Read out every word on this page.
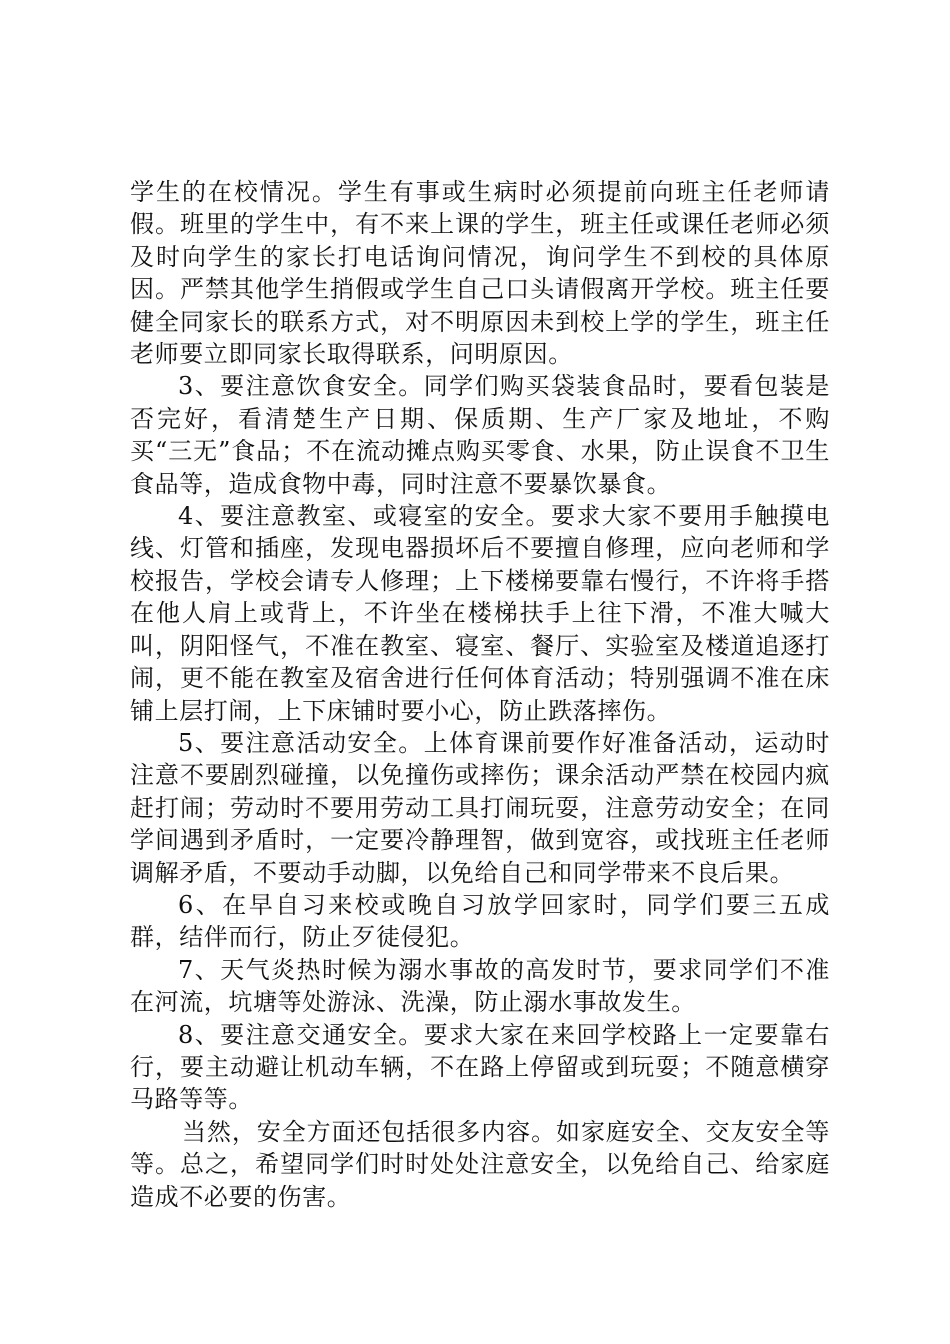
学生的在校情况。学生有事或生病时必须提前向班主任老师请假。班里的学生中，有不来上课的学生，班主任或课任老师必须及时向学生的家长打电话询问情况，询问学生不到校的具体原因。严禁其他学生捎假或学生自己口头请假离开学校。班主任要健全同家长的联系方式，对不明原因未到校上学的学生，班主任老师要立即同家长取得联系，问明原因。

3、要注意饮食安全。同学们购买袋装食品时，要看包装是否完好，看清楚生产日期、保质期、生产厂家及地址，不购买“三无”食品；不在流动摊点购买零食、水果，防止误食不卫生食品等，造成食物中毒，同时注意不要暴饮暴食。

4、要注意教室、或寝室的安全。要求大家不要用手触摸电线、灯管和插座，发现电器损坏后不要擅自修理，应向老师和学校报告，学校会请专人修理；上下楼梯要靠右慢行，不许将手搭在他人肩上或背上，不许坐在楼梯扶手上往下滑，不准大喊大叫，阴阳怪气，不准在教室、寝室、餐厅、实验室及楼道追逐打闹，更不能在教室及宿舍进行任何体育活动；特别强调不准在床铺上层打闹，上下床铺时要小心，防止跌落摔伤。

5、要注意活动安全。上体育课前要作好准备活动，运动时注意不要剧烈碰撞，以免撞伤或摔伤；课余活动严禁在校园内疯赶打闹；劳动时不要用劳动工具打闹玩耍，注意劳动安全；在同学间遇到矛盾时，一定要冷静理智，做到宽容，或找班主任老师调解矛盾，不要动手动脚，以免给自己和同学带来不良后果。

6、在早自习来校或晚自习放学回家时，同学们要三五成群，结伴而行，防止歹徒侵犯。

7、天气炎热时候为溺水事故的高发时节，要求同学们不准在河流，坑塘等处游泳、洗澡，防止溺水事故发生。

8、要注意交通安全。要求大家在来回学校路上一定要靠右行，要主动避让机动车辆，不在路上停留或到玩耍；不随意横穿马路等等。

当然，安全方面还包括很多内容。如家庭安全、交友安全等等。总之，希望同学们时时处处注意安全，以免给自己、给家庭造成不必要的伤害。
